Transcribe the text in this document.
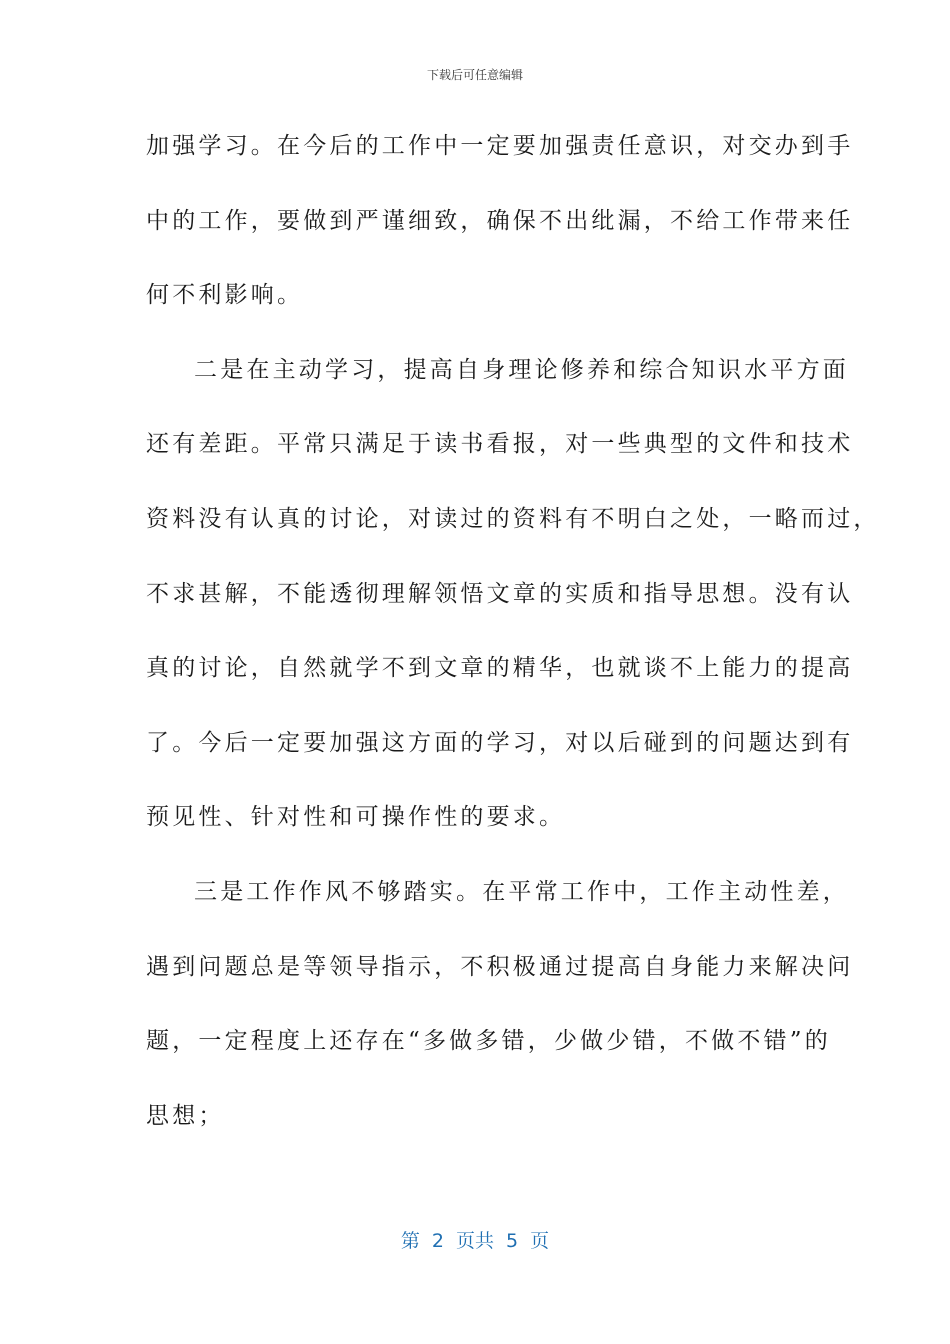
下载后可任意编辑
加强学习。在今后的工作中一定要加强责任意识，对交办到手
中的工作，要做到严谨细致，确保不出纰漏，不给工作带来任
何不利影响。
二是在主动学习，提高自身理论修养和综合知识水平方面
还有差距。平常只满足于读书看报，对一些典型的文件和技术
资料没有认真的讨论，对读过的资料有不明白之处，一略而过，
不求甚解，不能透彻理解领悟文章的实质和指导思想。没有认
真的讨论，自然就学不到文章的精华，也就谈不上能力的提高
了。今后一定要加强这方面的学习，对以后碰到的问题达到有
预见性、针对性和可操作性的要求。
三是工作作风不够踏实。在平常工作中，工作主动性差，
遇到问题总是等领导指示，不积极通过提高自身能力来解决问
题，一定程度上还存在“多做多错，少做少错，不做不错”的
思想；
第 2 页共 5 页
